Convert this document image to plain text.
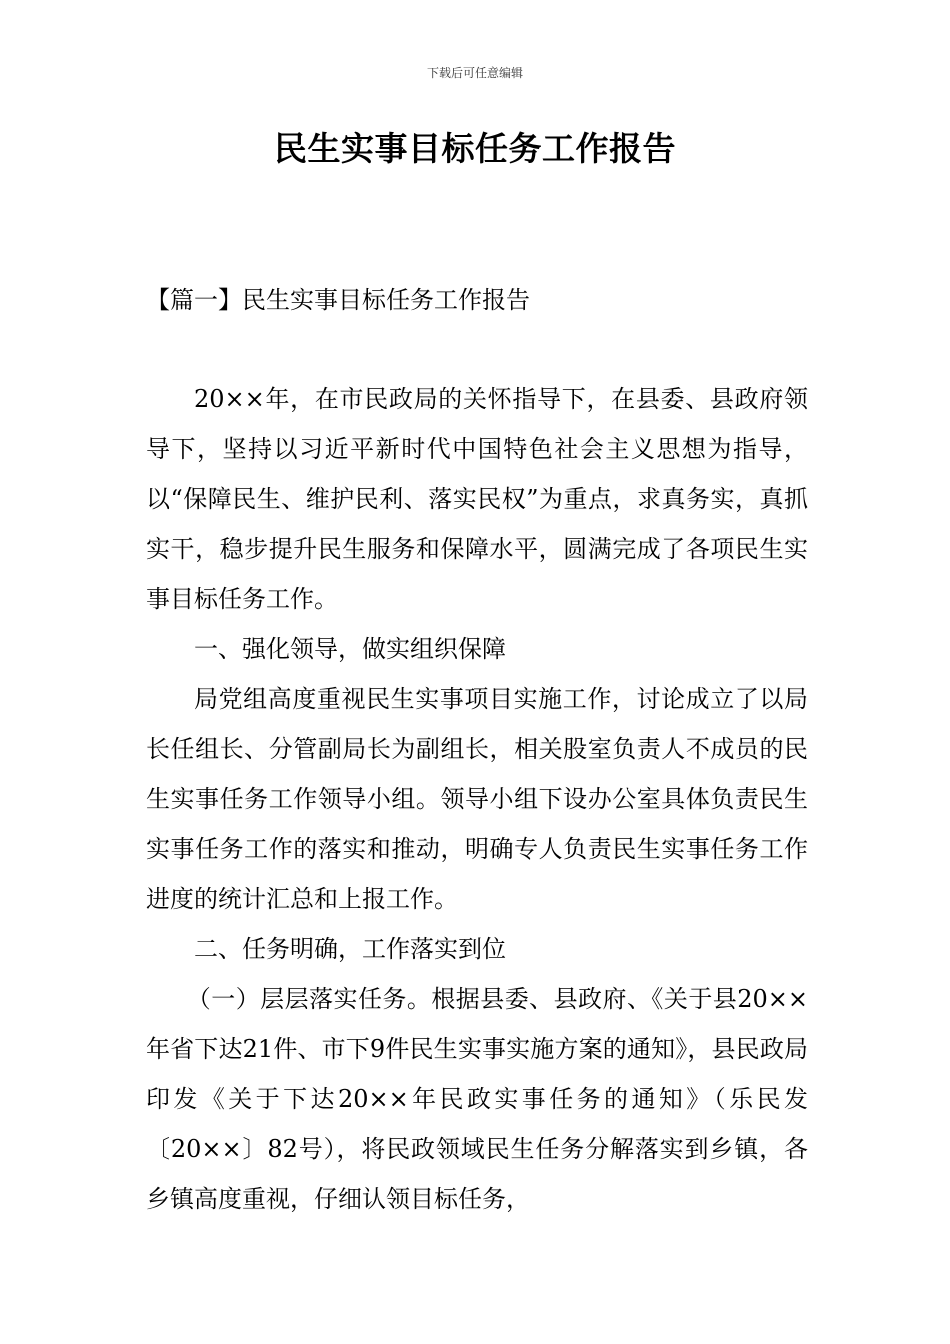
下载后可任意编辑
民生实事目标任务工作报告
【篇一】民生实事目标任务工作报告

20××年，在市民政局的关怀指导下，在县委、县政府领导下，坚持以习近平新时代中国特色社会主义思想为指导，以“保障民生、维护民利、落实民权”为重点，求真务实，真抓实干，稳步提升民生服务和保障水平，圆满完成了各项民生实事目标任务工作。

一、强化领导，做实组织保障

局党组高度重视民生实事项目实施工作，讨论成立了以局长任组长、分管副局长为副组长，相关股室负责人不成员的民生实事任务工作领导小组。领导小组下设办公室具体负责民生实事任务工作的落实和推动，明确专人负责民生实事任务工作进度的统计汇总和上报工作。

二、任务明确，工作落实到位

（一）层层落实任务。根据县委、县政府、《关于县20××年省下达21件、市下9件民生实事实施方案的通知》，县民政局印发《关于下达20××年民政实事任务的通知》（乐民发〔20××〕82号），将民政领域民生任务分解落实到乡镇，各乡镇高度重视，仔细认领目标任务，
